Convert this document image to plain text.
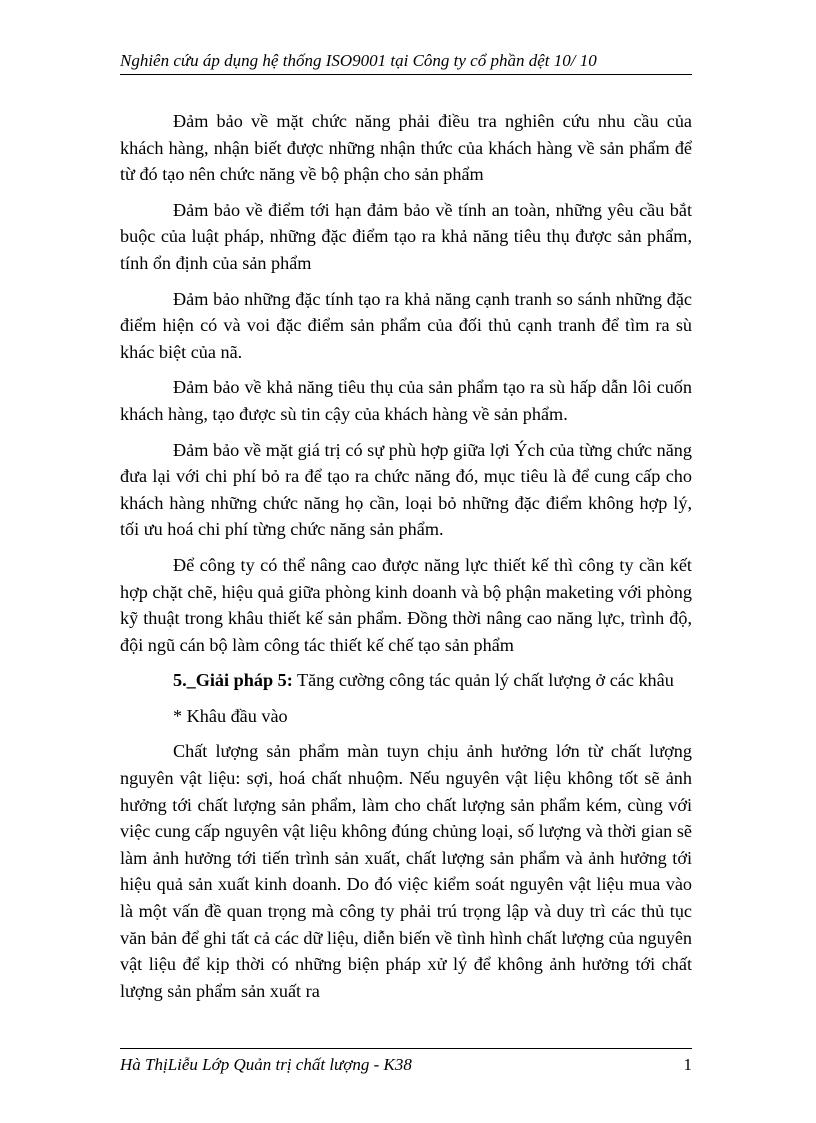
Nghiên cứu áp dụng hệ thống ISO9001 tại Công ty cổ phần dệt 10/ 10

Đảm bảo về mặt chức năng phải điều tra nghiên cứu nhu cầu của khách hàng, nhận biết được những nhận thức của khách hàng về sản phẩm để từ đó tạo nên chức năng về bộ phận cho sản phẩm

Đảm bảo về điểm tới hạn đảm bảo về tính an toàn, những yêu cầu bắt buộc của luật pháp, những đặc điểm tạo ra khả năng tiêu thụ được sản phẩm, tính ổn định của sản phẩm

Đảm bảo những đặc tính tạo ra khả năng cạnh tranh so sánh những đặc điểm hiện có và voi đặc điểm sản phẩm của đối thủ cạnh tranh để tìm ra sù khác biệt của nã.

Đảm bảo về khả năng tiêu thụ của sản phẩm tạo ra sù hấp dẫn lôi cuốn khách hàng, tạo được sù tin cậy của khách hàng về sản phẩm.

Đảm bảo về mặt giá trị có sự phù hợp giữa lợi Ých của từng chức năng đưa lại với chi phí bỏ ra để tạo ra chức năng đó, mục tiêu là để cung cấp cho khách hàng những chức năng họ cần, loại bỏ những đặc điểm không hợp lý, tối ưu hoá chi phí từng chức năng sản phẩm.

Để công ty có thể nâng cao được năng lực thiết kế thì công ty cần kết hợp chặt chẽ, hiệu quả giữa phòng kinh doanh và bộ phận maketing với phòng kỹ thuật trong khâu thiết kế sản phẩm. Đồng thời nâng cao năng lực, trình độ, đội ngũ cán bộ làm công tác thiết kế chế tạo sản phẩm

5._Giải pháp 5: Tăng cường công tác quản lý chất lượng ở các khâu

* Khâu đầu vào

Chất lượng sản phẩm màn tuyn chịu ảnh hưởng lớn từ chất lượng nguyên vật liệu: sợi, hoá chất nhuộm. Nếu nguyên vật liệu không tốt sẽ ảnh hưởng tới chất lượng sản phẩm, làm cho chất lượng sản phẩm kém, cùng với việc cung cấp nguyên vật liệu không đúng chủng loại, số lượng và thời gian sẽ làm ảnh hưởng tới tiến trình sản xuất, chất lượng sản phẩm và ảnh hưởng tới hiệu quả sản xuất kinh doanh. Do đó việc kiểm soát nguyên vật liệu mua vào là một vấn đề quan trọng mà công ty phải trú trọng lập và duy trì các thủ tục văn bản để ghi tất cả các dữ liệu, diễn biến về tình hình chất lượng của nguyên vật liệu để kịp thời có những biện pháp xử lý để không ảnh hưởng tới chất lượng sản phẩm sản xuất ra

Hà ThịLiễu Lớp Quản trị chất lượng - K38	1
